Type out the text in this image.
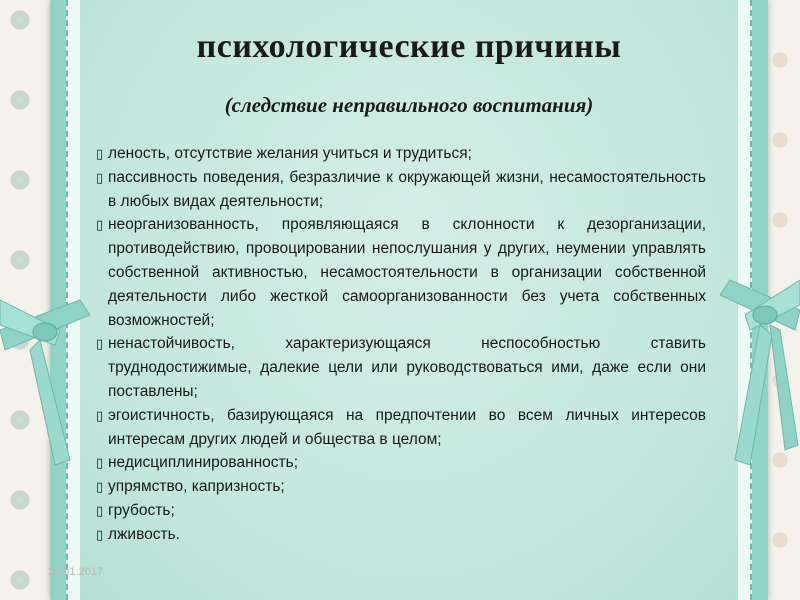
психологические причины
(следствие неправильного воспитания)

▯ леность, отсутствие желания учиться и трудиться;

▯ пассивность поведения, безразличие к окружающей жизни, несамостоятельность в любых видах деятельности;

▯ неорганизованность, проявляющаяся в склонности к дезорганизации, противодействию, провоцировании непослушания у других, неумении управлять собственной активностью, несамостоятельности в организации собственной деятельности либо жесткой самоорганизованности без учета собственных возможностей;

▯ ненастойчивость, характеризующаяся неспособностью ставить труднодостижимые, далекие цели или руководствоваться ими, даже если они поставлены;

▯ эгоистичность, базирующаяся на предпочтении во всем личных интересов интересам других людей и общества в целом;

▯ недисциплинированность;

▯ упрямство, капризность;

▯ грубость;

▯ лживость.

25.01.2017
